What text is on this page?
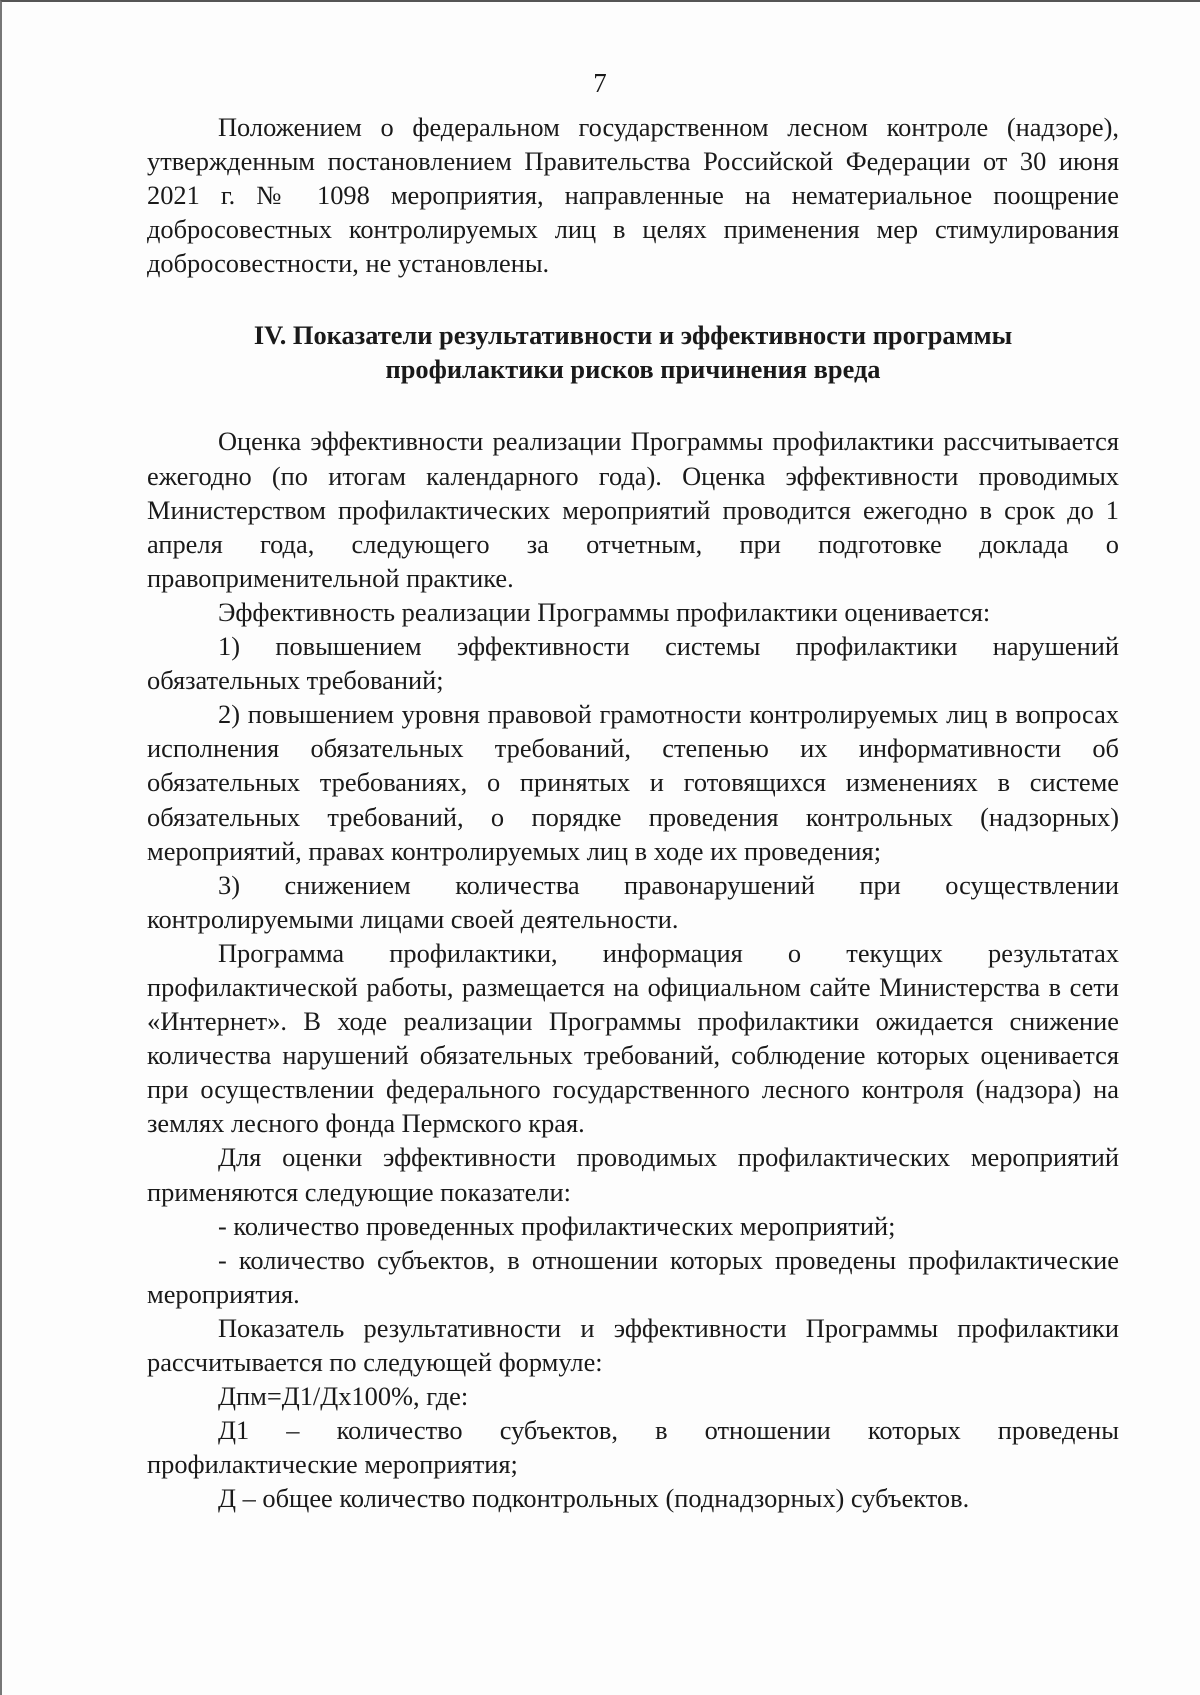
7

Положением о федеральном государственном лесном контроле (надзоре), утвержденным постановлением Правительства Российской Федерации от 30 июня 2021 г. № 1098 мероприятия, направленные на нематериальное поощрение добросовестных контролируемых лиц в целях применения мер стимулирования добросовестности, не установлены.

IV. Показатели результативности и эффективности программы

профилактики рисков причинения вреда

Оценка эффективности реализации Программы профилактики рассчитывается ежегодно (по итогам календарного года). Оценка эффективности проводимых Министерством профилактических мероприятий проводится ежегодно в срок до 1 апреля года, следующего за отчетным, при подготовке доклада о правоприменительной практике.

Эффективность реализации Программы профилактики оценивается:

1) повышением эффективности системы профилактики нарушений обязательных требований;

2) повышением уровня правовой грамотности контролируемых лиц в вопросах исполнения обязательных требований, степенью их информативности об обязательных требованиях, о принятых и готовящихся изменениях в системе обязательных требований, о порядке проведения контрольных (надзорных) мероприятий, правах контролируемых лиц в ходе их проведения;

3) снижением количества правонарушений при осуществлении контролируемыми лицами своей деятельности.

Программа профилактики, информация о текущих результатах профилактической работы, размещается на официальном сайте Министерства в сети «Интернет». В ходе реализации Программы профилактики ожидается снижение количества нарушений обязательных требований, соблюдение которых оценивается при осуществлении федерального государственного лесного контроля (надзора) на землях лесного фонда Пермского края.

Для оценки эффективности проводимых профилактических мероприятий применяются следующие показатели:

- количество проведенных профилактических мероприятий;

- количество субъектов, в отношении которых проведены профилактические мероприятия.

Показатель результативности и эффективности Программы профилактики рассчитывается по следующей формуле:

Дпм=Д1/Дх100%, где:

Д1 – количество субъектов, в отношении которых проведены профилактические мероприятия;

Д – общее количество подконтрольных (поднадзорных) субъектов.
